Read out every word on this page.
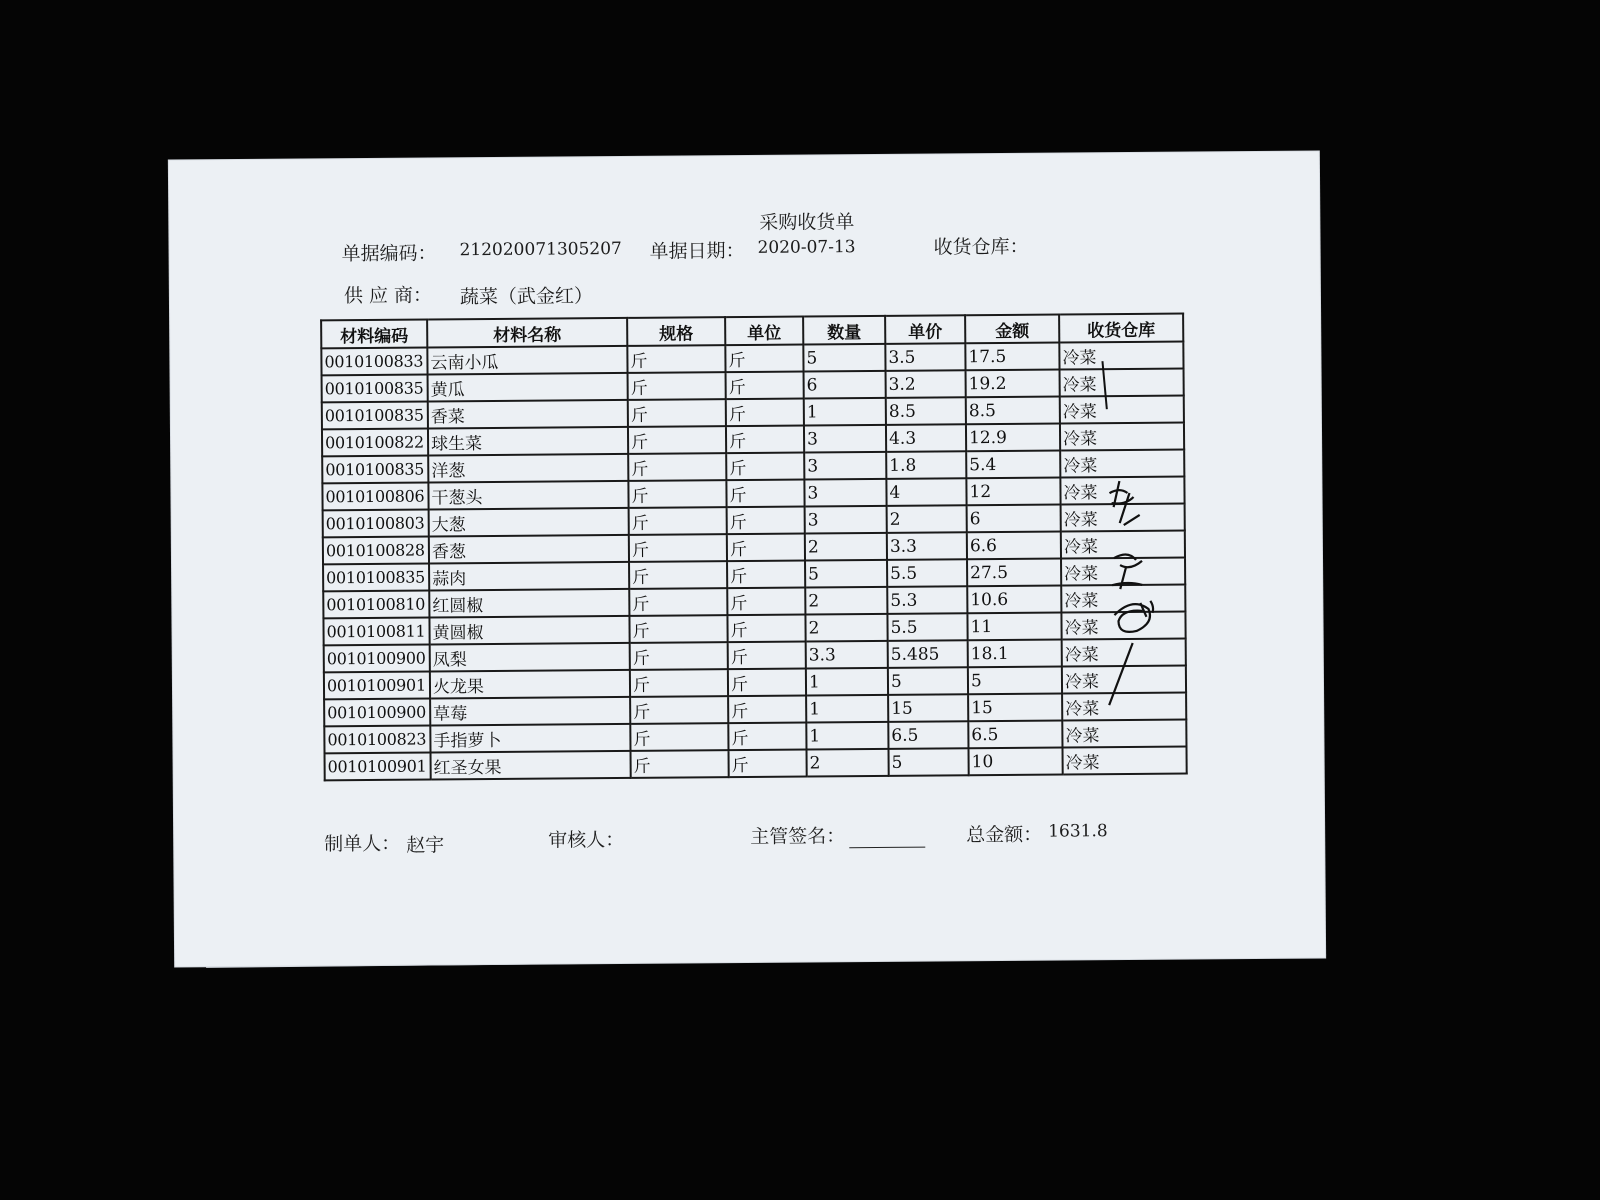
采购收货单
单据编码： 212020071305207 单据日期： 2020-07-13	收货仓库：
供 应 商： 蔬菜（武金红）
材料编码	材料名称	规格	单位	数量	单价	金额	收货仓库
0010100833	云南小瓜	斤	斤	5	3.5	17.5	冷菜
0010100835	黄瓜	斤	斤	6	3.2	19.2	冷菜
0010100835	香菜	斤	斤	1	8.5	8.5	冷菜
0010100822	球生菜	斤	斤	3	4.3	12.9	冷菜
0010100835	洋葱	斤	斤	3	1.8	5.4	冷菜
0010100806	干葱头	斤	斤	3	4	12	冷菜
0010100803	大葱	斤	斤	3	2	6	冷菜
0010100828	香葱	斤	斤	2	3.3	6.6	冷菜
0010100835	蒜肉	斤	斤	5	5.5	27.5	冷菜
0010100810	红圆椒	斤	斤	2	5.3	10.6	冷菜
0010100811	黄圆椒	斤	斤	2	5.5	11	冷菜
0010100900	凤梨	斤	斤	3.3	5.485	18.1	冷菜
0010100901	火龙果	斤	斤	1	5	5	冷菜
0010100900	草莓	斤	斤	1	15	15	冷菜
0010100823	手指萝卜	斤	斤	1	6.5	6.5	冷菜
0010100901	红圣女果	斤	斤	2	5	10	冷菜
制单人： 赵宇	审核人：	主管签名：	总金额： 1631.8
